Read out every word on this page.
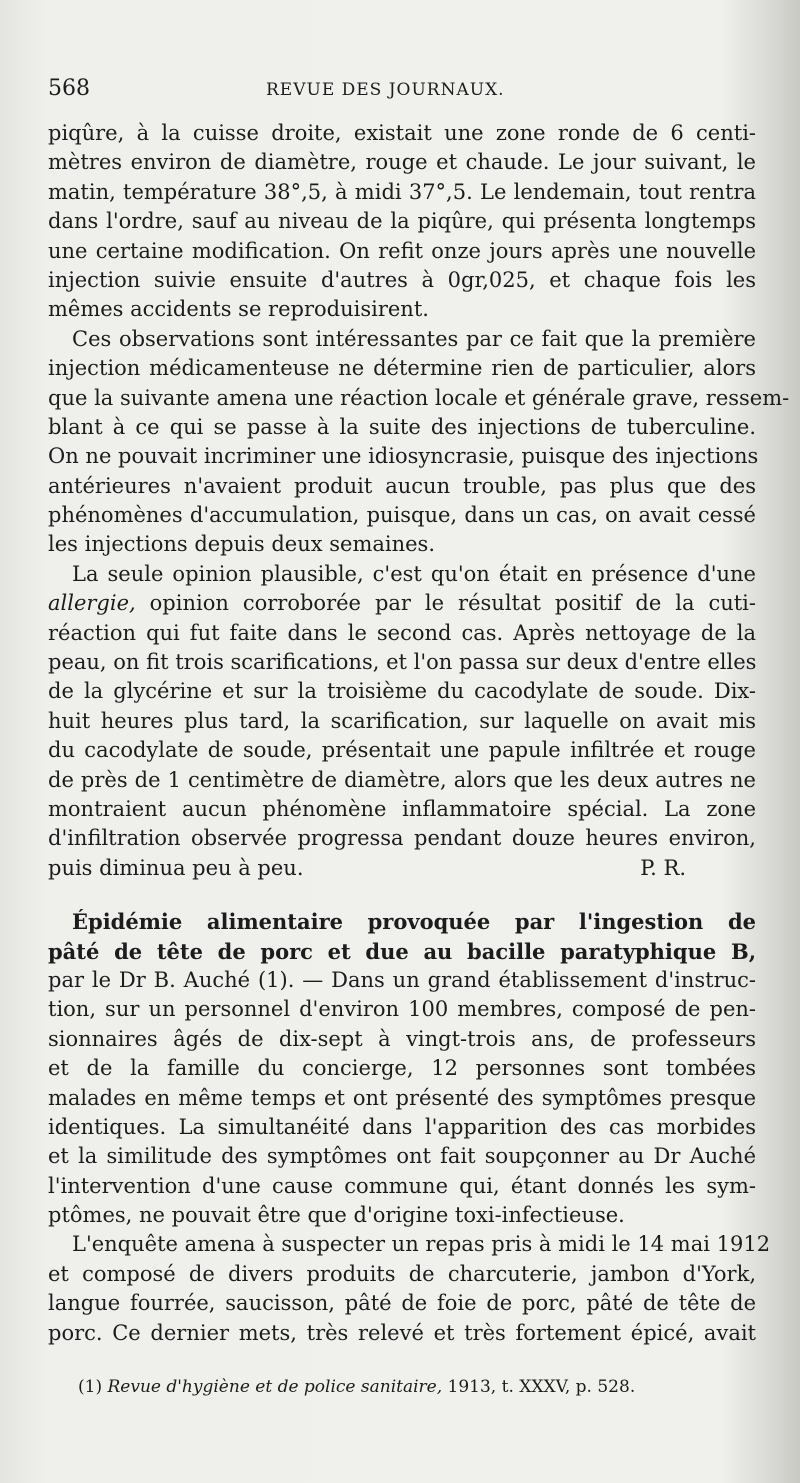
568	REVUE DES JOURNAUX.
piqûre, à la cuisse droite, existait une zone ronde de 6 centi-
mètres environ de diamètre, rouge et chaude. Le jour suivant, le
matin, température 38°,5, à midi 37°,5. Le lendemain, tout rentra
dans l'ordre, sauf au niveau de la piqûre, qui présenta longtemps
une certaine modification. On refit onze jours après une nouvelle
injection suivie ensuite d'autres à 0gr,025, et chaque fois les
mêmes accidents se reproduisirent.
Ces observations sont intéressantes par ce fait que la première
injection médicamenteuse ne détermine rien de particulier, alors
que la suivante amena une réaction locale et générale grave, ressem-
blant à ce qui se passe à la suite des injections de tuberculine.
On ne pouvait incriminer une idiosyncrasie, puisque des injections
antérieures n'avaient produit aucun trouble, pas plus que des
phénomènes d'accumulation, puisque, dans un cas, on avait cessé
les injections depuis deux semaines.
La seule opinion plausible, c'est qu'on était en présence d'une
allergie, opinion corroborée par le résultat positif de la cuti-
réaction qui fut faite dans le second cas. Après nettoyage de la
peau, on fit trois scarifications, et l'on passa sur deux d'entre elles
de la glycérine et sur la troisième du cacodylate de soude. Dix-
huit heures plus tard, la scarification, sur laquelle on avait mis
du cacodylate de soude, présentait une papule infiltrée et rouge
de près de 1 centimètre de diamètre, alors que les deux autres ne
montraient aucun phénomène inflammatoire spécial. La zone
d'infiltration observée progressa pendant douze heures environ,
puis diminua peu à peu.	P. R.
Épidémie alimentaire provoquée par l'ingestion de
pâté de tête de porc et due au bacille paratyphique B,
par le Dr B. Auché (1). — Dans un grand établissement d'instruc-
tion, sur un personnel d'environ 100 membres, composé de pen-
sionnaires âgés de dix-sept à vingt-trois ans, de professeurs
et de la famille du concierge, 12 personnes sont tombées
malades en même temps et ont présenté des symptômes presque
identiques. La simultanéité dans l'apparition des cas morbides
et la similitude des symptômes ont fait soupçonner au Dr Auché
l'intervention d'une cause commune qui, étant donnés les sym-
ptômes, ne pouvait être que d'origine toxi-infectieuse.
L'enquête amena à suspecter un repas pris à midi le 14 mai 1912
et composé de divers produits de charcuterie, jambon d'York,
langue fourrée, saucisson, pâté de foie de porc, pâté de tête de
porc. Ce dernier mets, très relevé et très fortement épicé, avait
(1) Revue d'hygiène et de police sanitaire, 1913, t. XXXV, p. 528.
